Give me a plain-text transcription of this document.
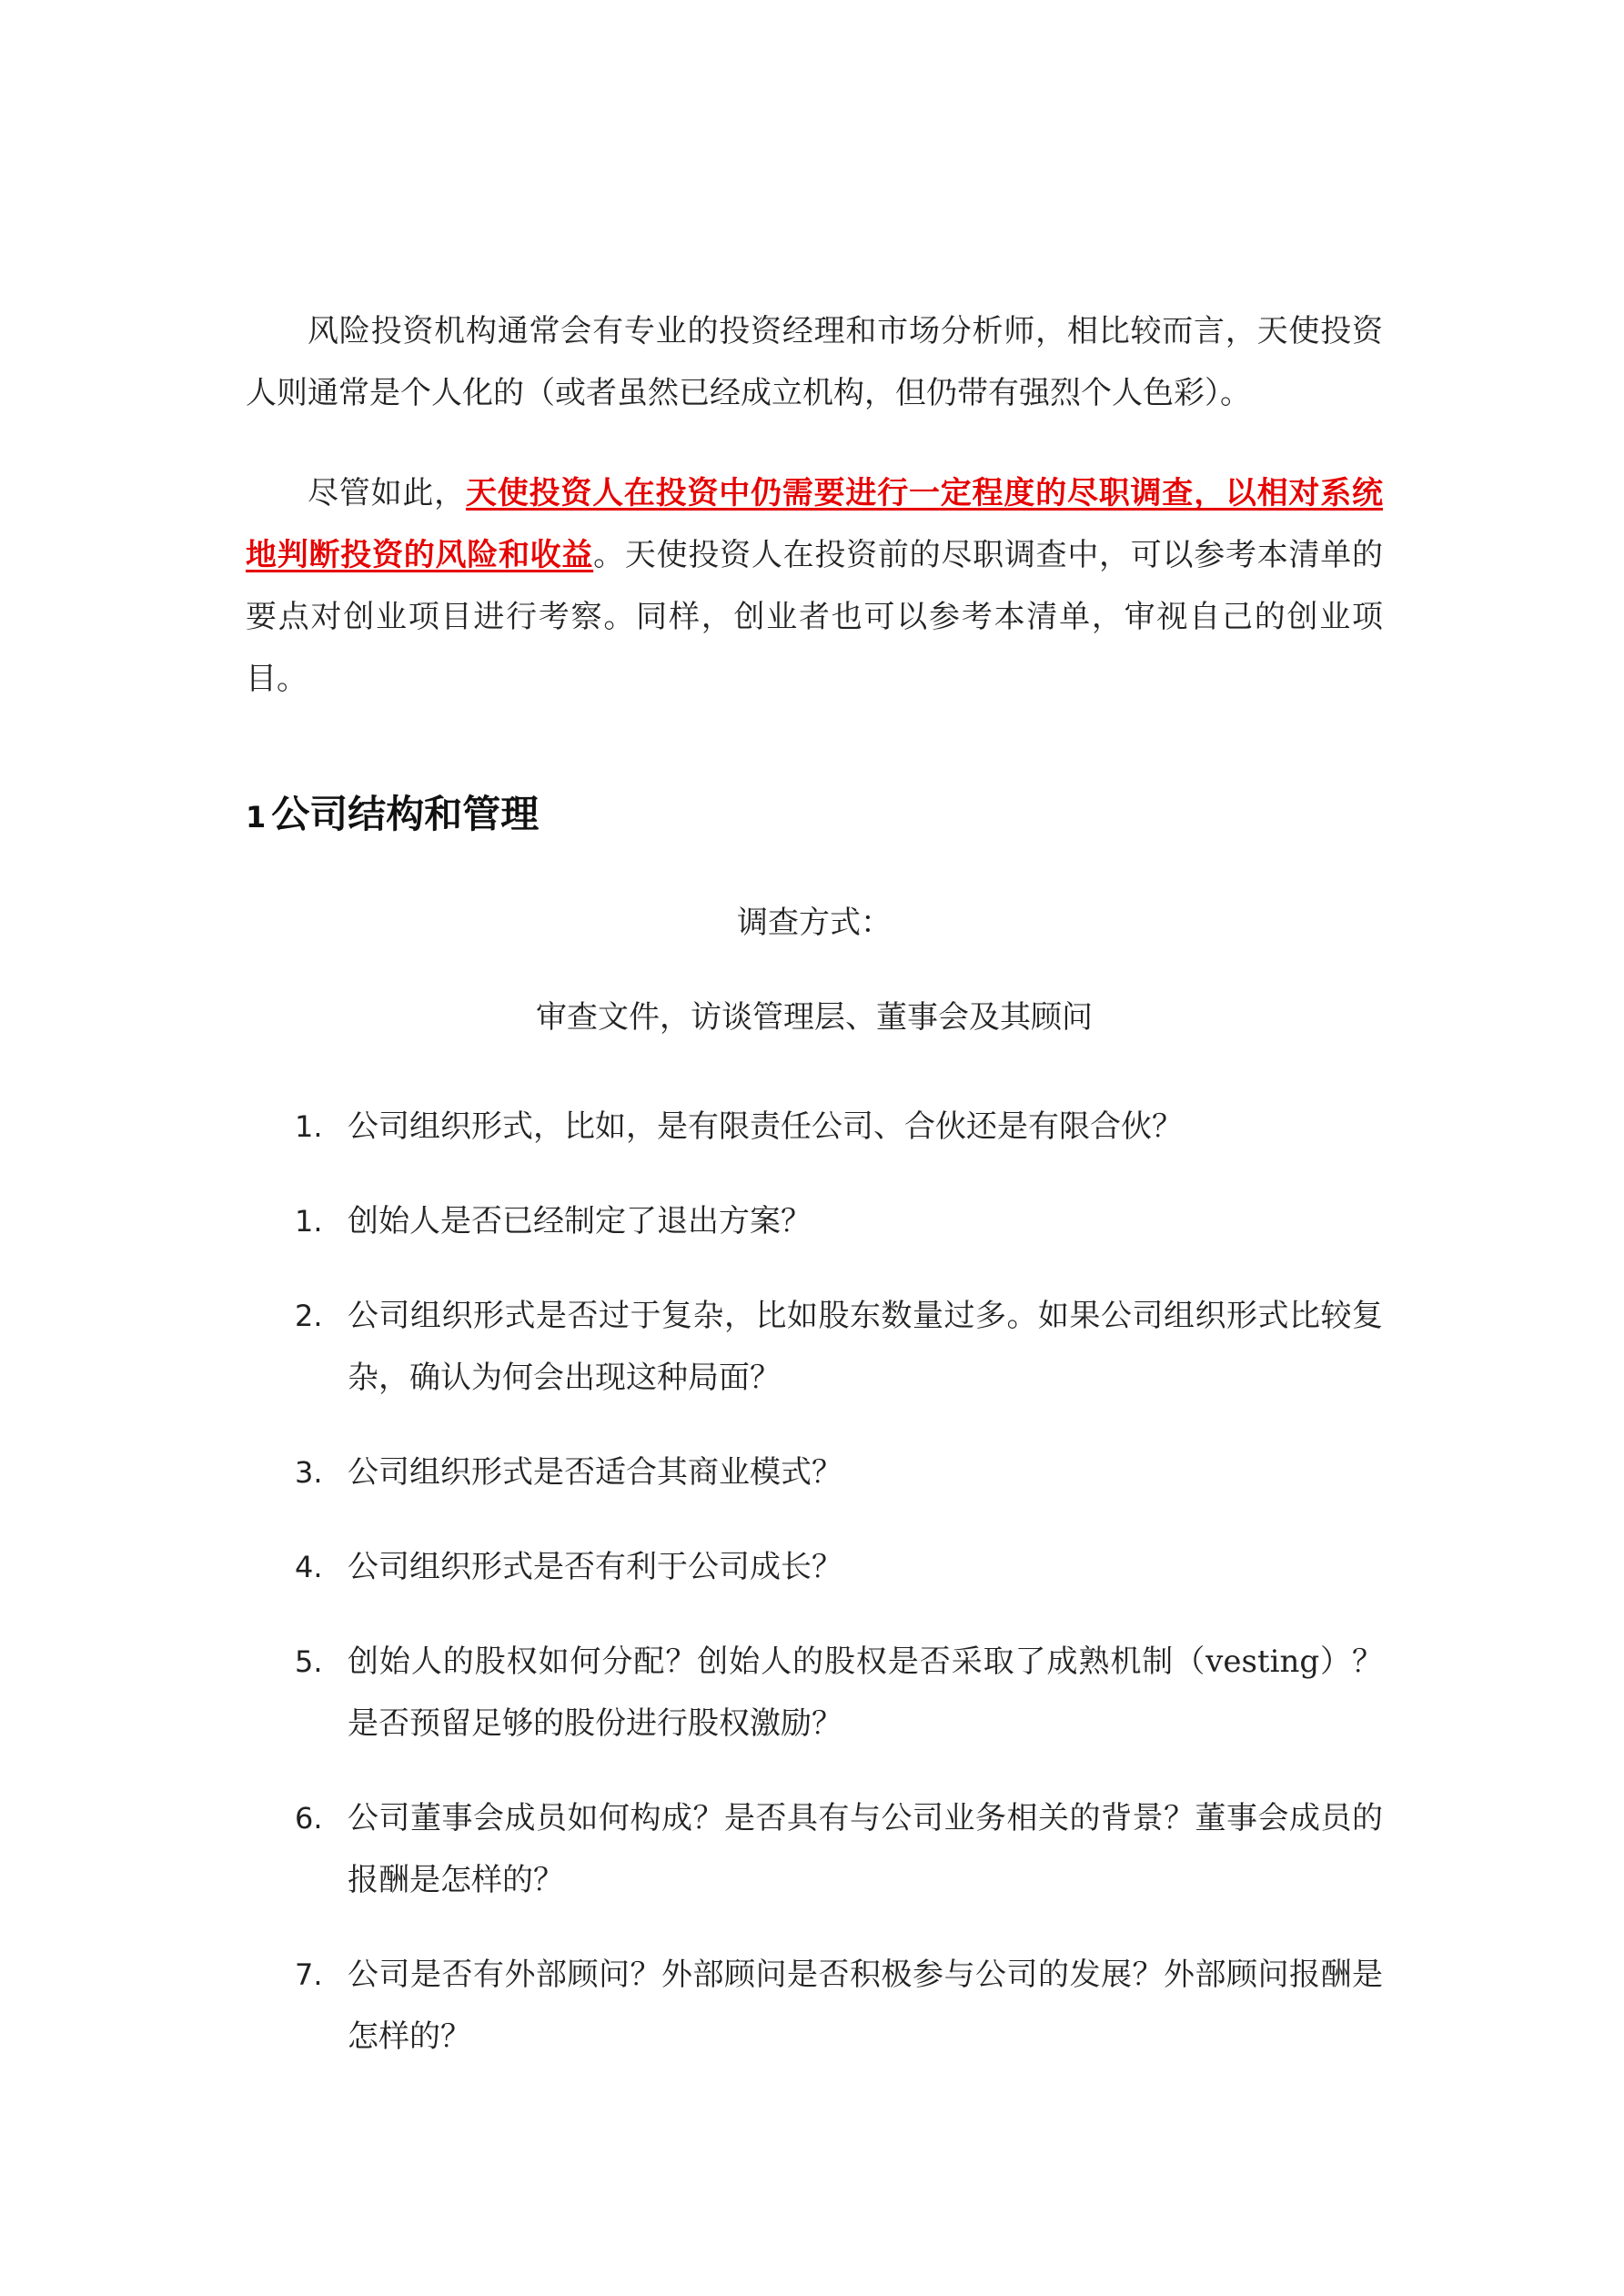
风险投资机构通常会有专业的投资经理和市场分析师，相比较而言，天使投资人则通常是个人化的（或者虽然已经成立机构，但仍带有强烈个人色彩）。

尽管如此，天使投资人在投资中仍需要进行一定程度的尽职调查，以相对系统地判断投资的风险和收益。天使投资人在投资前的尽职调查中，可以参考本清单的要点对创业项目进行考察。同样，创业者也可以参考本清单，审视自己的创业项目。

1 公司结构和管理

调查方式：

审查文件，访谈管理层、董事会及其顾问

1. 公司组织形式，比如，是有限责任公司、合伙还是有限合伙？
1. 创始人是否已经制定了退出方案？
2. 公司组织形式是否过于复杂，比如股东数量过多。如果公司组织形式比较复杂，确认为何会出现这种局面？
3. 公司组织形式是否适合其商业模式？
4. 公司组织形式是否有利于公司成长？
5. 创始人的股权如何分配？创始人的股权是否采取了成熟机制（vesting）？是否预留足够的股份进行股权激励？
6. 公司董事会成员如何构成？是否具有与公司业务相关的背景？董事会成员的报酬是怎样的？
7. 公司是否有外部顾问？外部顾问是否积极参与公司的发展？外部顾问报酬是怎样的？
